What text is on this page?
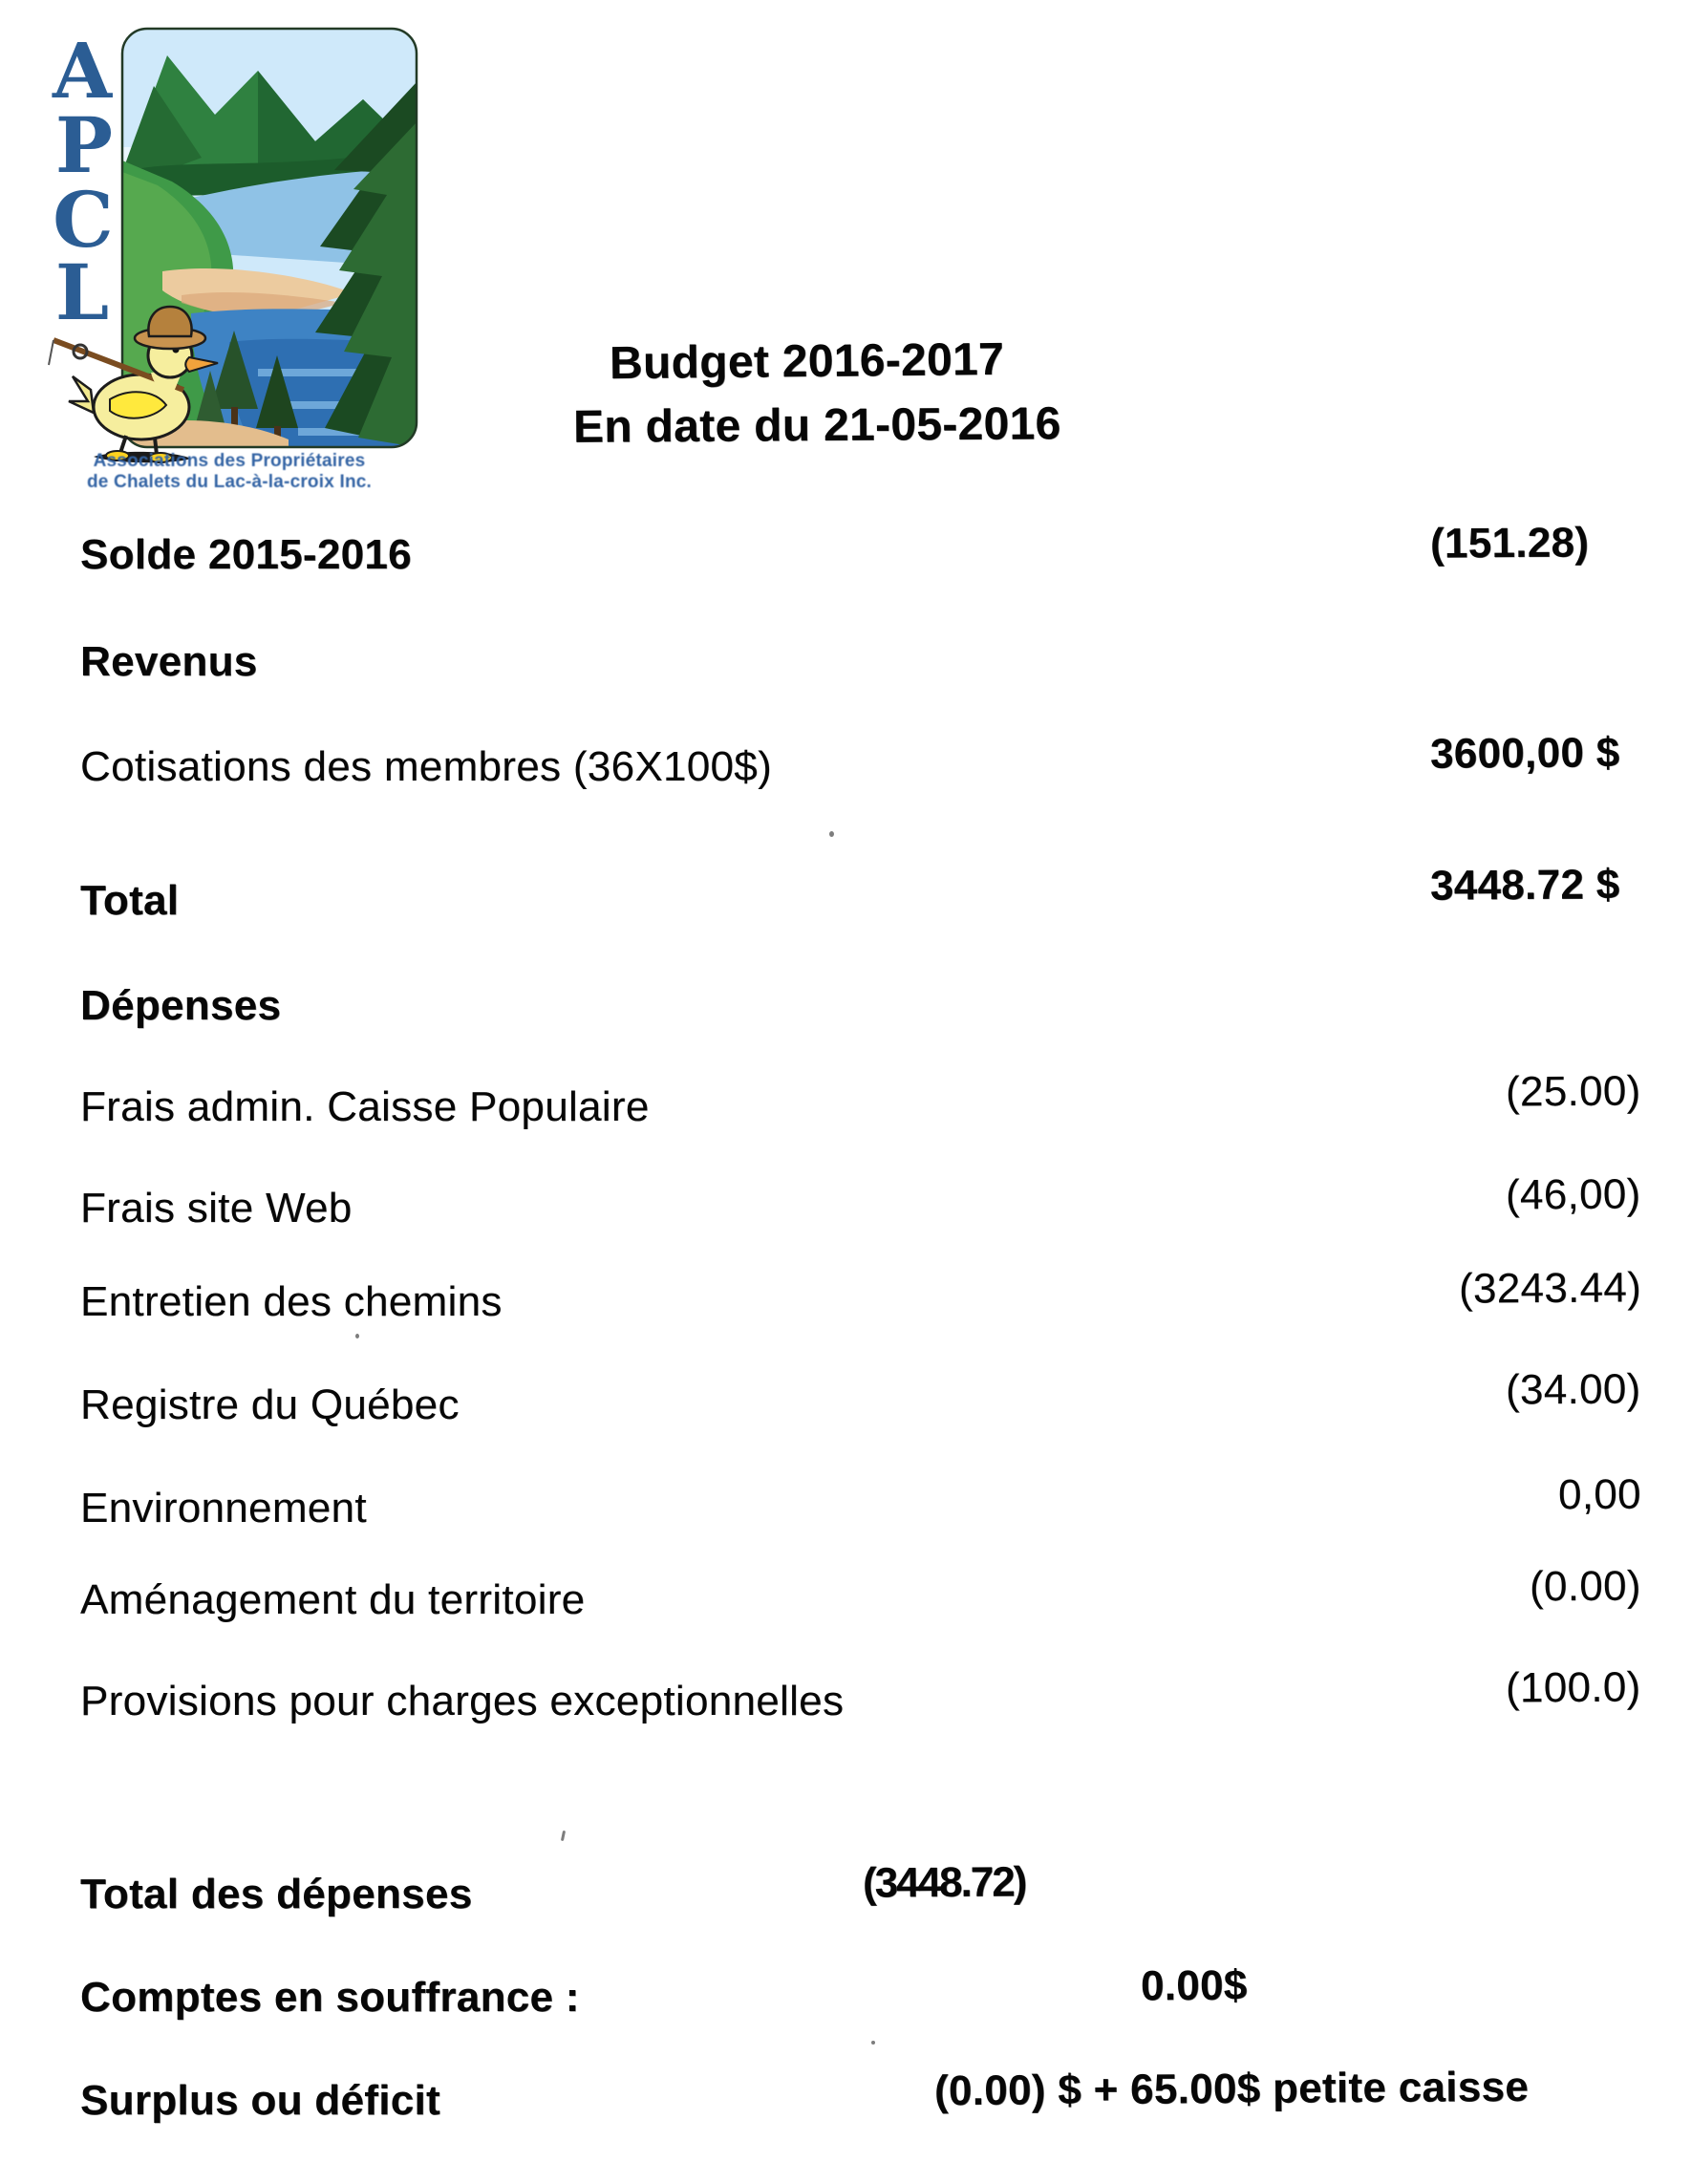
A
P
C
L
Associations des Propriétaires
de Chalets du Lac-à-la-croix Inc.
Budget 2016-2017
En date du 21-05-2016
Solde 2015-2016	(151.28)
Revenus
Cotisations des membres (36X100$)	3600,00 $
Total	3448.72 $
Dépenses
Frais admin. Caisse Populaire	(25.00)
Frais site Web	(46,00)
Entretien des chemins	(3243.44)
Registre du Québec	(34.00)
Environnement	0,00
Aménagement du territoire	(0.00)
Provisions pour charges exceptionnelles	(100.0)
Total des dépenses	(3448.72)
Comptes en souffrance :	0.00$
Surplus ou déficit	(0.00) $ + 65.00$ petite caisse
